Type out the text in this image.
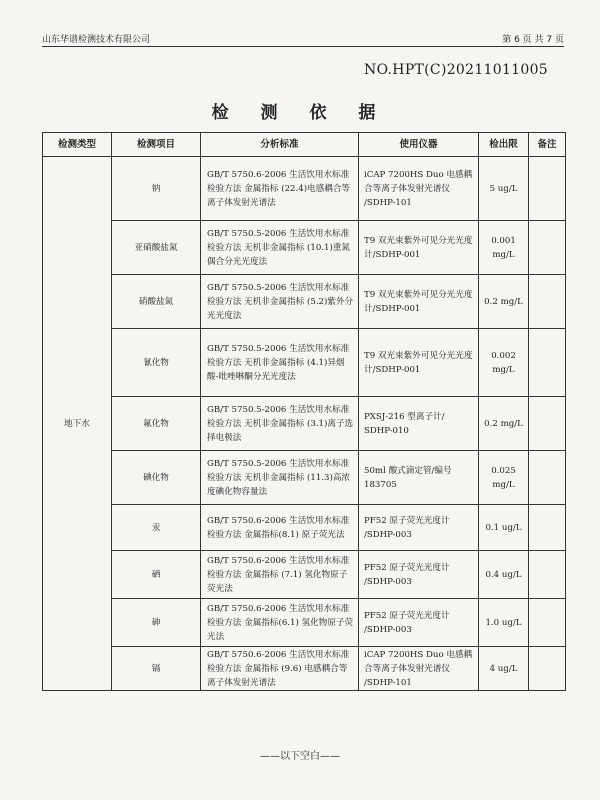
山东华谱检测技术有限公司	第 6 页 共 7 页
NO.HPT(C)20211011005
检 测 依 据
检测类型	检测项目	分析标准	使用仪器	检出限	备注
地下水	钠	GB/T 5750.6-2006 生活饮用水标准检验方法 金属指标 (22.4)电感耦合等离子体发射光谱法	iCAP 7200HS Duo 电感耦合等离子体发射光谱仪 /SDHP-101	5 ug/L	
	亚硝酸盐氮	GB/T 5750.5-2006 生活饮用水标准检验方法 无机非金属指标 (10.1)重氮偶合分光光度法	T9 双光束紫外可见分光光度计/SDHP-001	0.001 mg/L	
	硝酸盐氮	GB/T 5750.5-2006 生活饮用水标准检验方法 无机非金属指标 (5.2)紫外分光光度法	T9 双光束紫外可见分光光度计/SDHP-001	0.2 mg/L	
	氰化物	GB/T 5750.5-2006 生活饮用水标准检验方法 无机非金属指标 (4.1)异烟酸-吡唑啉酮分光光度法	T9 双光束紫外可见分光光度计/SDHP-001	0.002 mg/L	
	氟化物	GB/T 5750.5-2006 生活饮用水标准检验方法 无机非金属指标 (3.1)离子选择电极法	PXSJ-216 型离子计/ SDHP-010	0.2 mg/L	
	碘化物	GB/T 5750.5-2006 生活饮用水标准检验方法 无机非金属指标 (11.3)高浓度碘化物容量法	50ml 酸式滴定管/编号 183705	0.025 mg/L	
	汞	GB/T 5750.6-2006 生活饮用水标准检验方法 金属指标(8.1) 原子荧光法	PF52 原子荧光光度计 /SDHP-003	0.1 ug/L	
	硒	GB/T 5750.6-2006 生活饮用水标准检验方法 金属指标 (7.1) 氢化物原子荧光法	PF52 原子荧光光度计 /SDHP-003	0.4 ug/L	
	砷	GB/T 5750.6-2006 生活饮用水标准检验方法 金属指标(6.1) 氢化物原子荧光法	PF52 原子荧光光度计 /SDHP-003	1.0 ug/L	
	镉	GB/T 5750.6-2006 生活饮用水标准检验方法 金属指标 (9.6) 电感耦合等离子体发射光谱法	iCAP 7200HS Duo 电感耦合等离子体发射光谱仪 /SDHP-101	4 ug/L	
——以下空白——
